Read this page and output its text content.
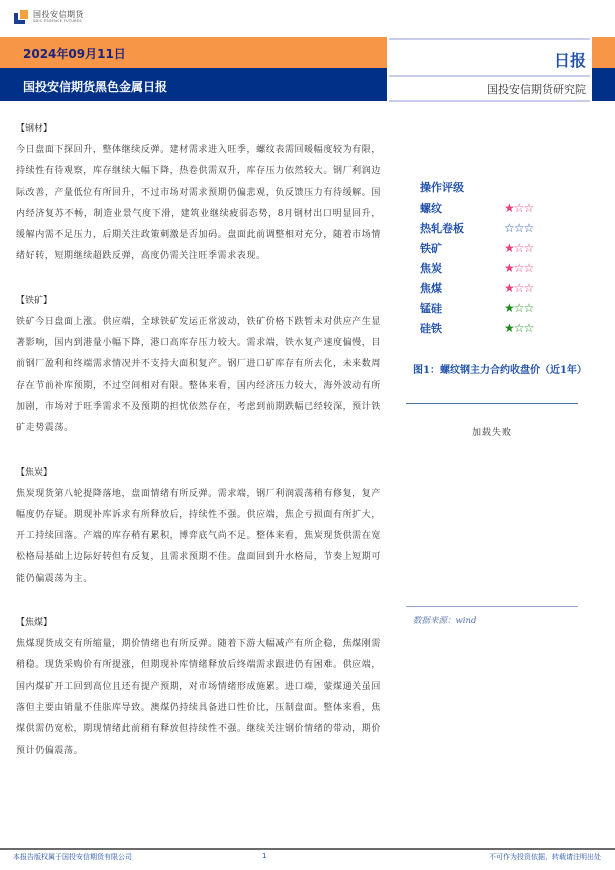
国投安信期货
SDIC ESSENCE FUTURES
2024年09月11日
国投安信期货黑色金属日报
日报
国投安信期货研究院
【钢材】
今日盘面下探回升，整体继续反弹。建材需求进入旺季，螺纹表需回暖幅度较为有限，持续性有待观察，库存继续大幅下降，热卷供需双升，库存压力依然较大。钢厂利润边际改善，产量低位有所回升，不过市场对需求预期仍偏悲观，负反馈压力有待缓解。国内经济复苏不畅，制造业景气度下滑，建筑业继续疲弱态势，8月钢材出口明显回升，缓解内需不足压力，后期关注政策刺激是否加码。盘面此前调整相对充分，随着市场情绪好转，短期继续超跌反弹，高度仍需关注旺季需求表现。
【铁矿】
铁矿今日盘面上涨。供应端，全球铁矿发运正常波动，铁矿价格下跌暂未对供应产生显著影响，国内到港量小幅下降，港口高库存压力较大。需求端，铁水复产速度偏慢，目前钢厂盈利和终端需求情况并不支持大面积复产。钢厂进口矿库存有所去化，未来数周存在节前补库预期，不过空间相对有限。整体来看，国内经济压力较大，海外波动有所加剧，市场对于旺季需求不及预期的担忧依然存在，考虑到前期跌幅已经较深，预计铁矿走势震荡。
【焦炭】
焦炭现货第八轮提降落地，盘面情绪有所反弹。需求端，钢厂利润震荡稍有修复，复产幅度仍存疑。期现补库诉求有所释放后，持续性不强。供应端，焦企亏损面有所扩大，开工持续回落。产端的库存稍有累积，博弈底气尚不足。整体来看，焦炭现货供需在宽松格局基础上边际好转但有反复，且需求预期不佳。盘面回到升水格局，节奏上短期可能仍偏震荡为主。
【焦煤】
焦煤现货成交有所缩量，期价情绪也有所反弹。随着下游大幅减产有所企稳，焦煤刚需稍稳。现货采购价有所提涨，但期现补库情绪释放后终端需求跟进仍有困难。供应端，国内煤矿开工回到高位且还有提产预期，对市场情绪形成施累。进口端，蒙煤通关虽回落但主要由销量不佳胀库导致。澳煤仍持续具备进口性价比，压制盘面。整体来看，焦煤供需仍宽松，期现情绪此前稍有释放但持续性不强。继续关注钢价情绪的带动，期价预计仍偏震荡。
操作评级
螺纹	★☆☆
热轧卷板	☆☆☆
铁矿	★☆☆
焦炭	★☆☆
焦煤	★☆☆
锰硅	★☆☆
硅铁	★☆☆
图1：螺纹钢主力合约收盘价（近1年）
加载失败
数据来源：wind
本报告版权属于国投安信期货有限公司	1	不可作为投资依据，转载请注明出处
